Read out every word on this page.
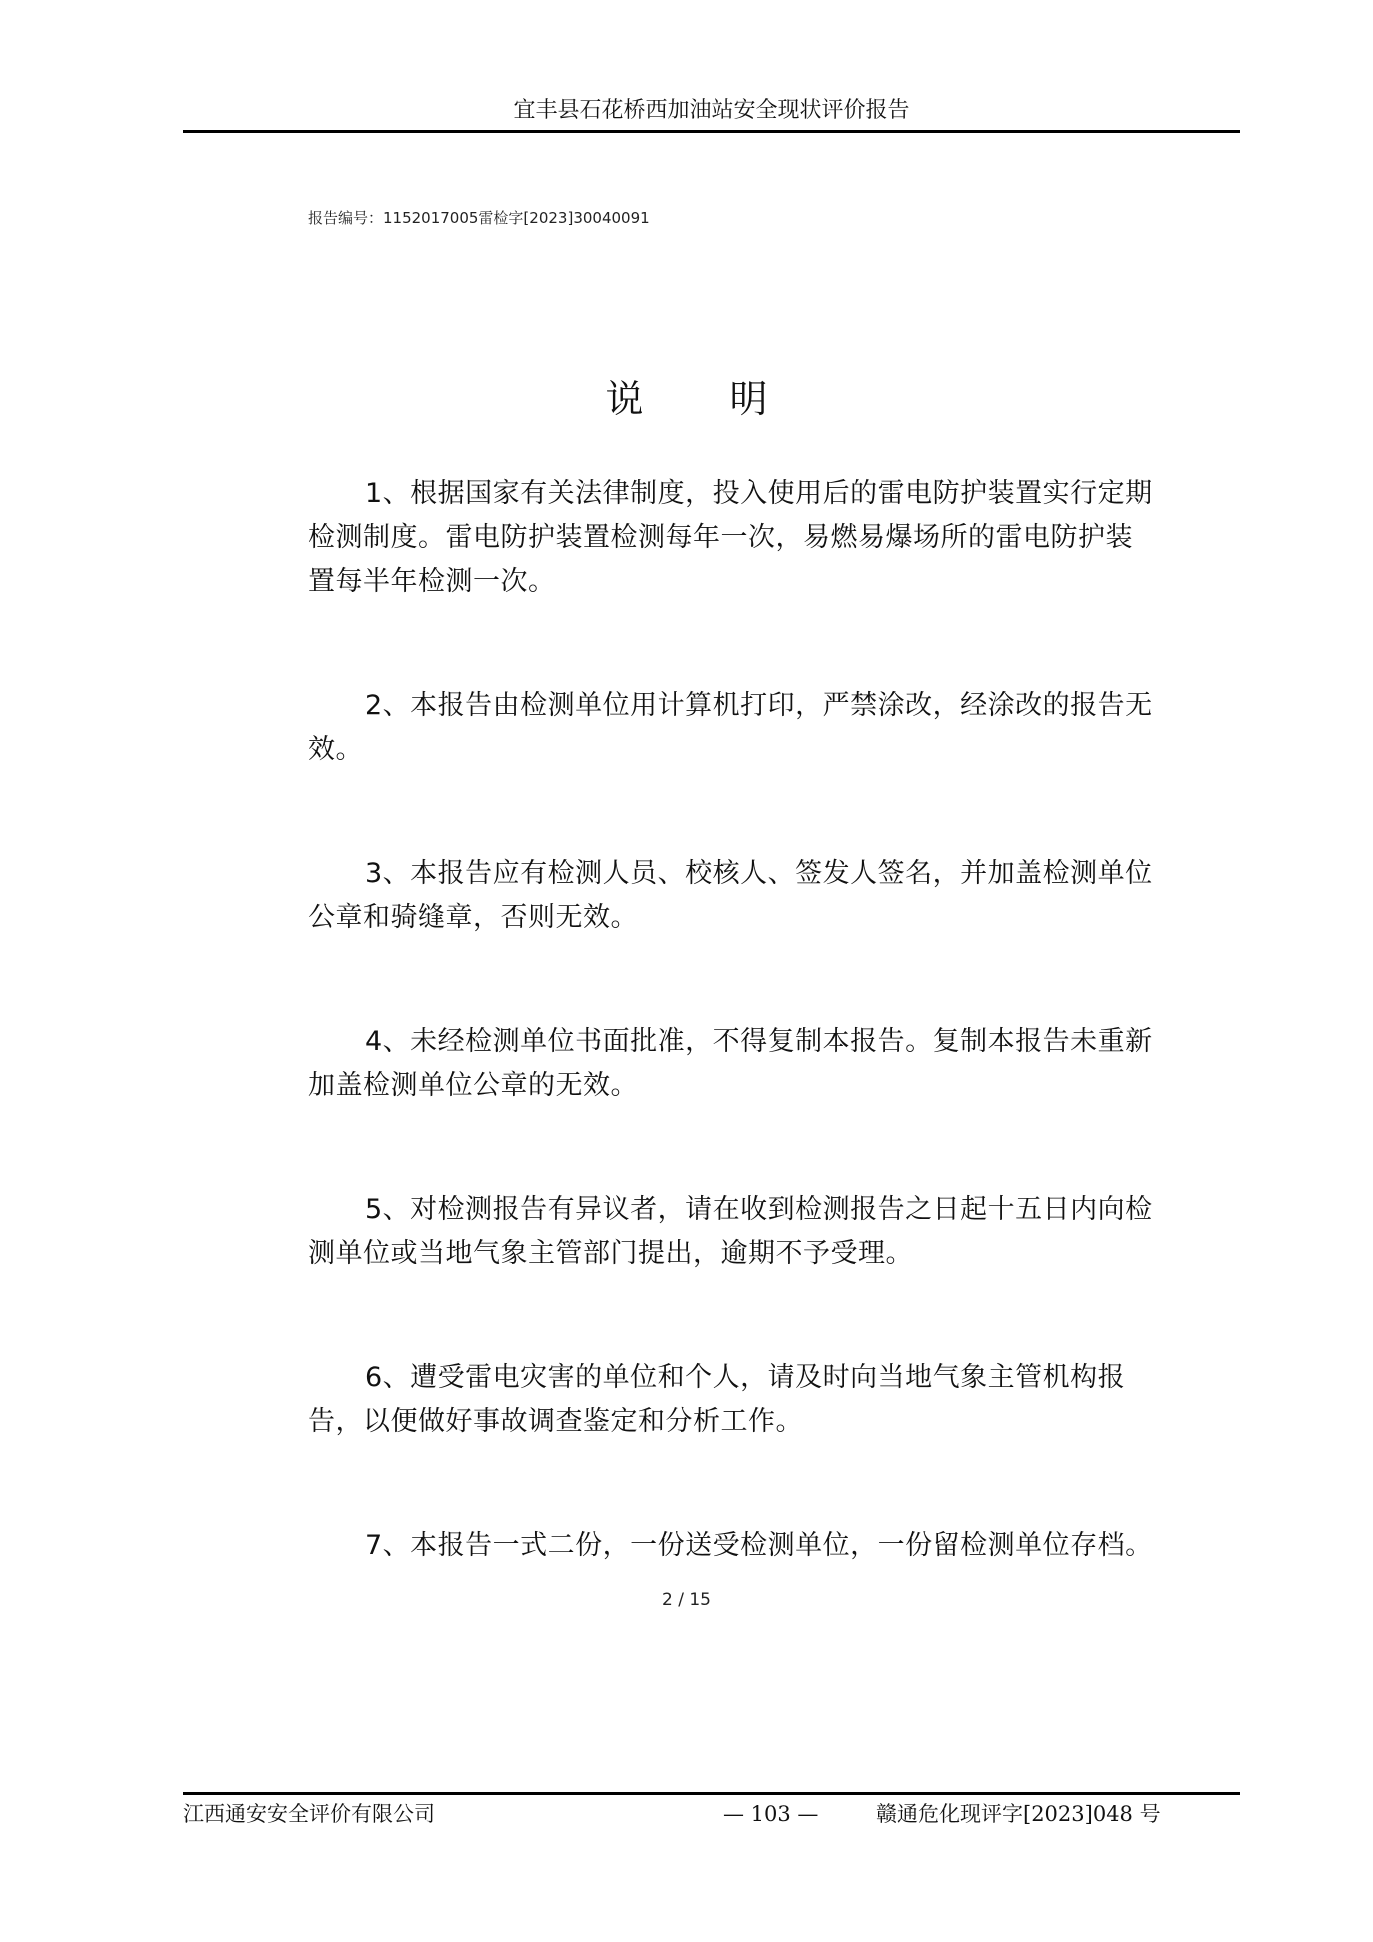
宜丰县石花桥西加油站安全现状评价报告
报告编号：1152017005雷检字[2023]30040091
说 明

1、根据国家有关法律制度，投入使用后的雷电防护装置实行定期检测制度。雷电防护装置检测每年一次，易燃易爆场所的雷电防护装置每半年检测一次。

2、本报告由检测单位用计算机打印，严禁涂改，经涂改的报告无效。

3、本报告应有检测人员、校核人、签发人签名，并加盖检测单位公章和骑缝章，否则无效。

4、未经检测单位书面批准，不得复制本报告。复制本报告未重新加盖检测单位公章的无效。

5、对检测报告有异议者，请在收到检测报告之日起十五日内向检测单位或当地气象主管部门提出，逾期不予受理。

6、遭受雷电灾害的单位和个人，请及时向当地气象主管机构报告，以便做好事故调查鉴定和分析工作。

7、本报告一式二份，一份送受检测单位，一份留检测单位存档。

2 / 15
江西通安安全评价有限公司	— 103 —	赣通危化现评字[2023]048 号
